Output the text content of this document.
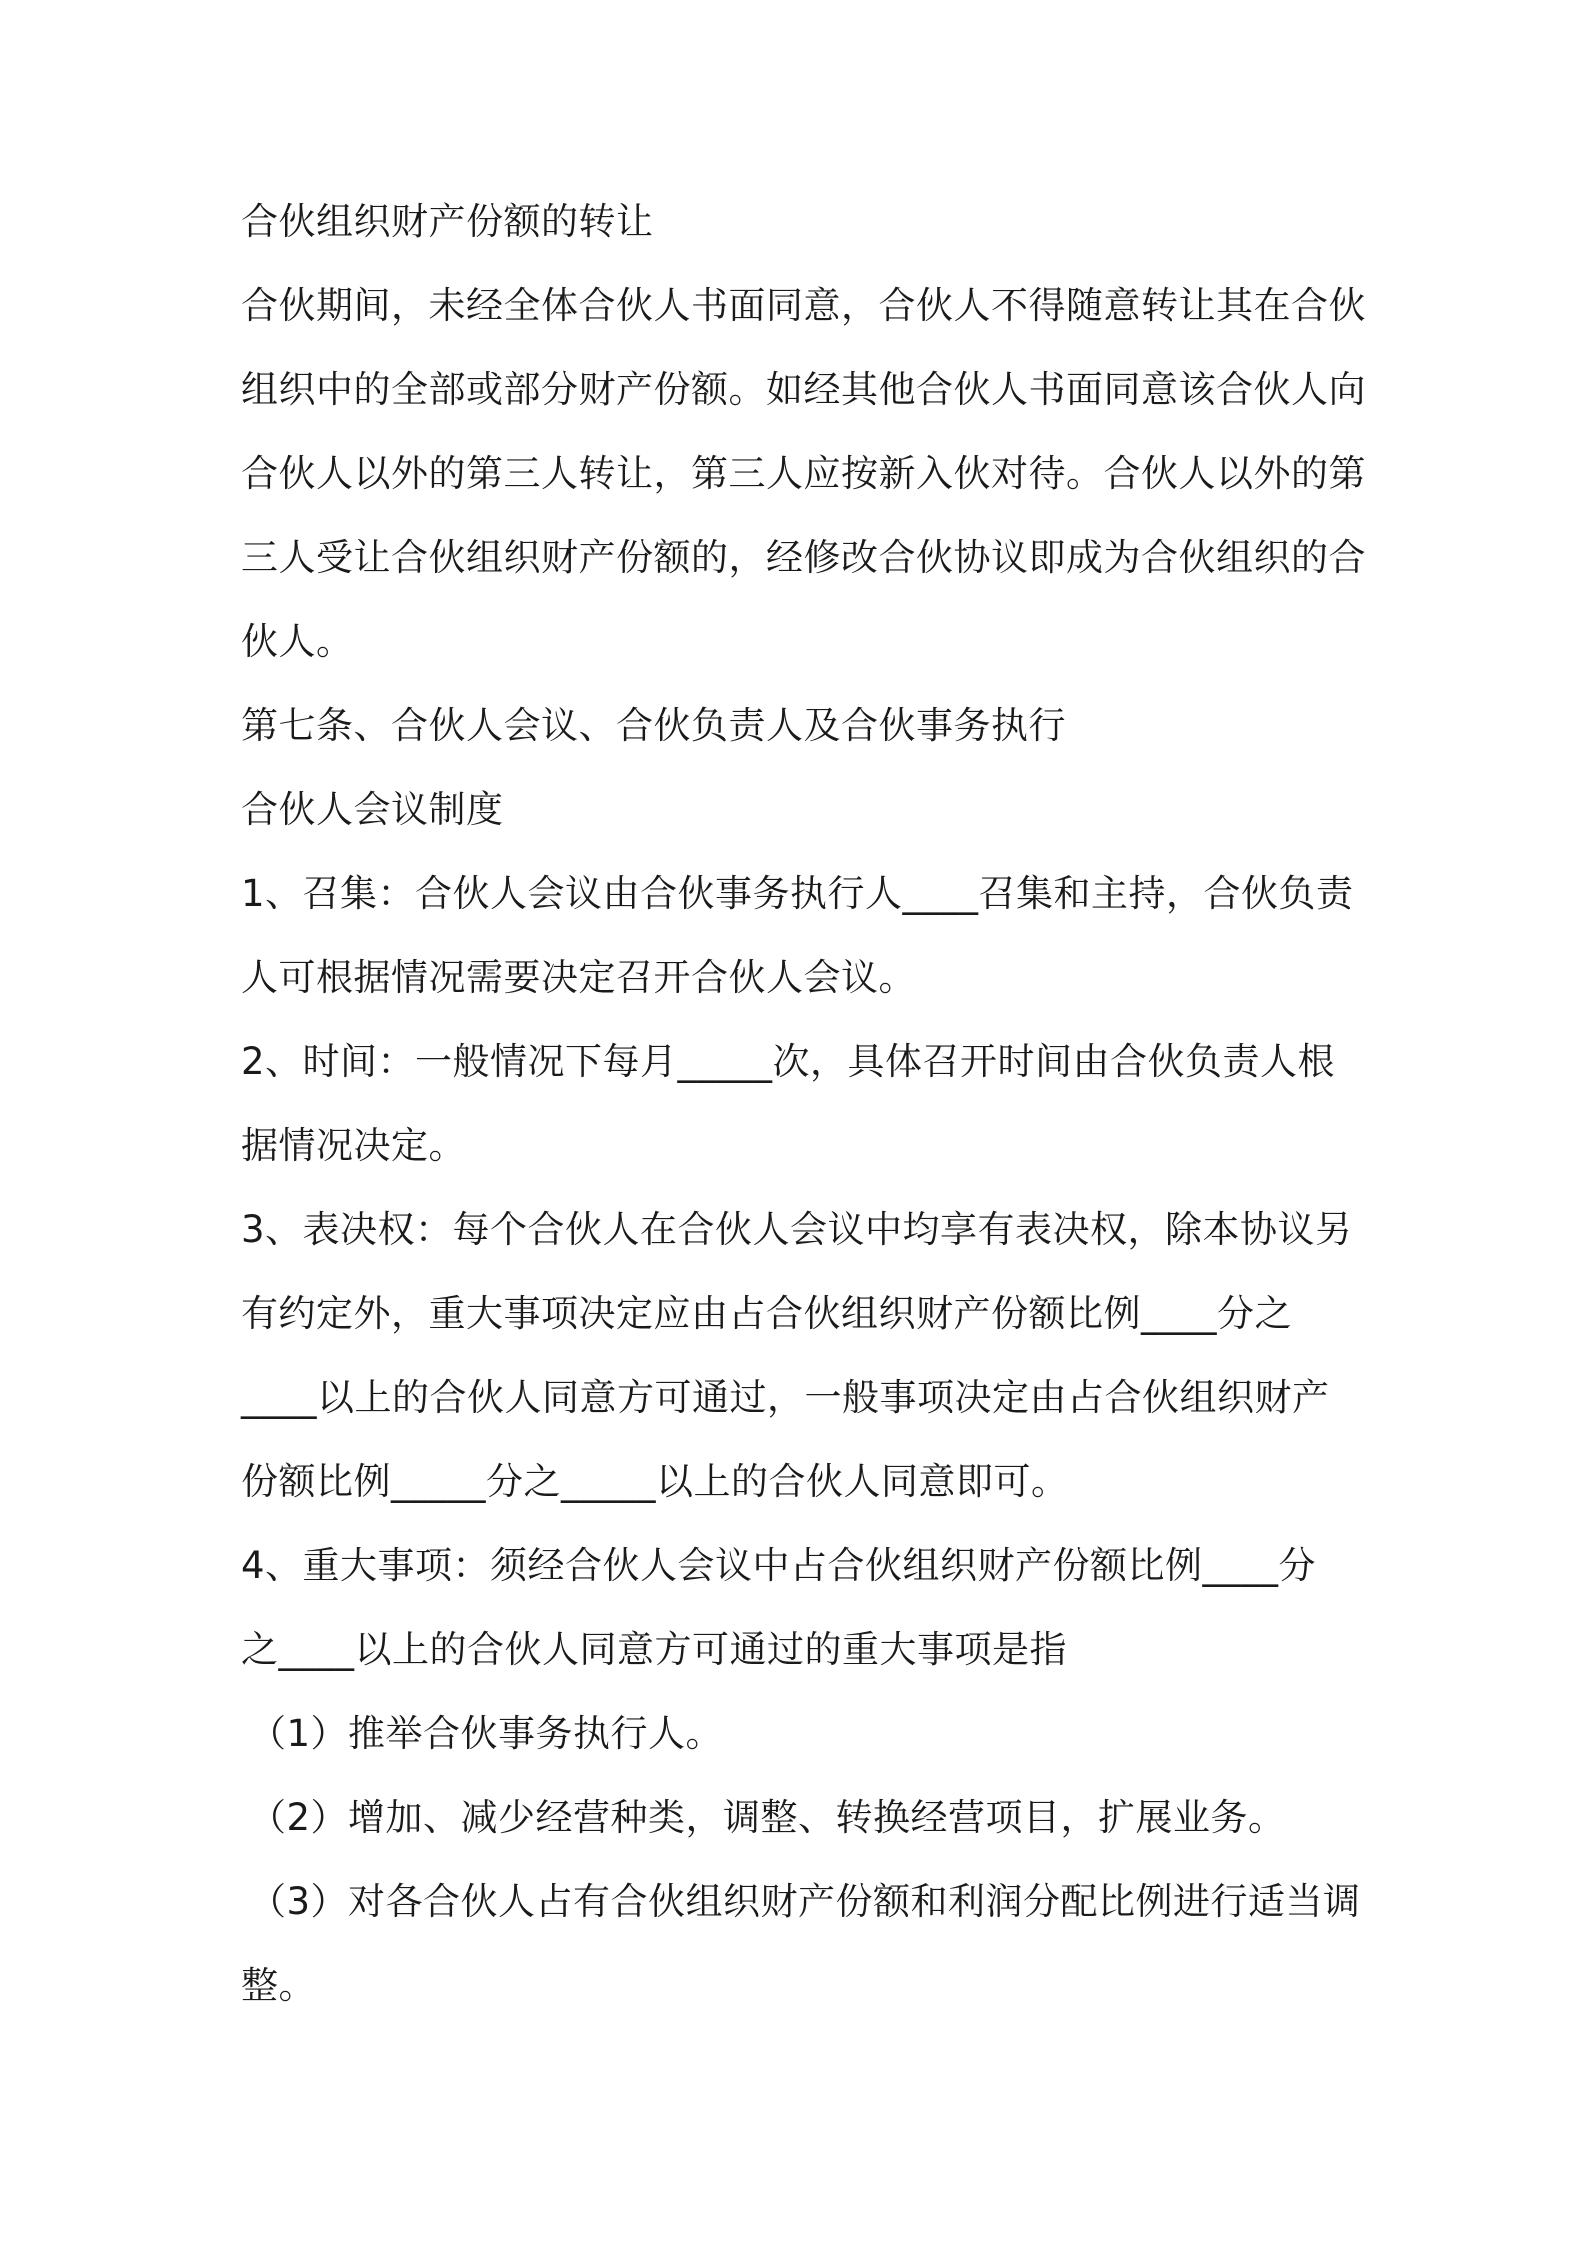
合伙组织财产份额的转让
合伙期间，未经全体合伙人书面同意，合伙人不得随意转让其在合伙
组织中的全部或部分财产份额。如经其他合伙人书面同意该合伙人向
合伙人以外的第三人转让，第三人应按新入伙对待。合伙人以外的第
三人受让合伙组织财产份额的，经修改合伙协议即成为合伙组织的合
伙人。
第七条、合伙人会议、合伙负责人及合伙事务执行
合伙人会议制度
1、召集：合伙人会议由合伙事务执行人____召集和主持，合伙负责
人可根据情况需要决定召开合伙人会议。
2、时间：一般情况下每月_____次，具体召开时间由合伙负责人根
据情况决定。
3、表决权：每个合伙人在合伙人会议中均享有表决权，除本协议另
有约定外，重大事项决定应由占合伙组织财产份额比例____分之
____以上的合伙人同意方可通过，一般事项决定由占合伙组织财产
份额比例_____分之_____以上的合伙人同意即可。
4、重大事项：须经合伙人会议中占合伙组织财产份额比例____分
之____以上的合伙人同意方可通过的重大事项是指
（1）推举合伙事务执行人。
（2）增加、减少经营种类，调整、转换经营项目，扩展业务。
（3）对各合伙人占有合伙组织财产份额和利润分配比例进行适当调
整。
